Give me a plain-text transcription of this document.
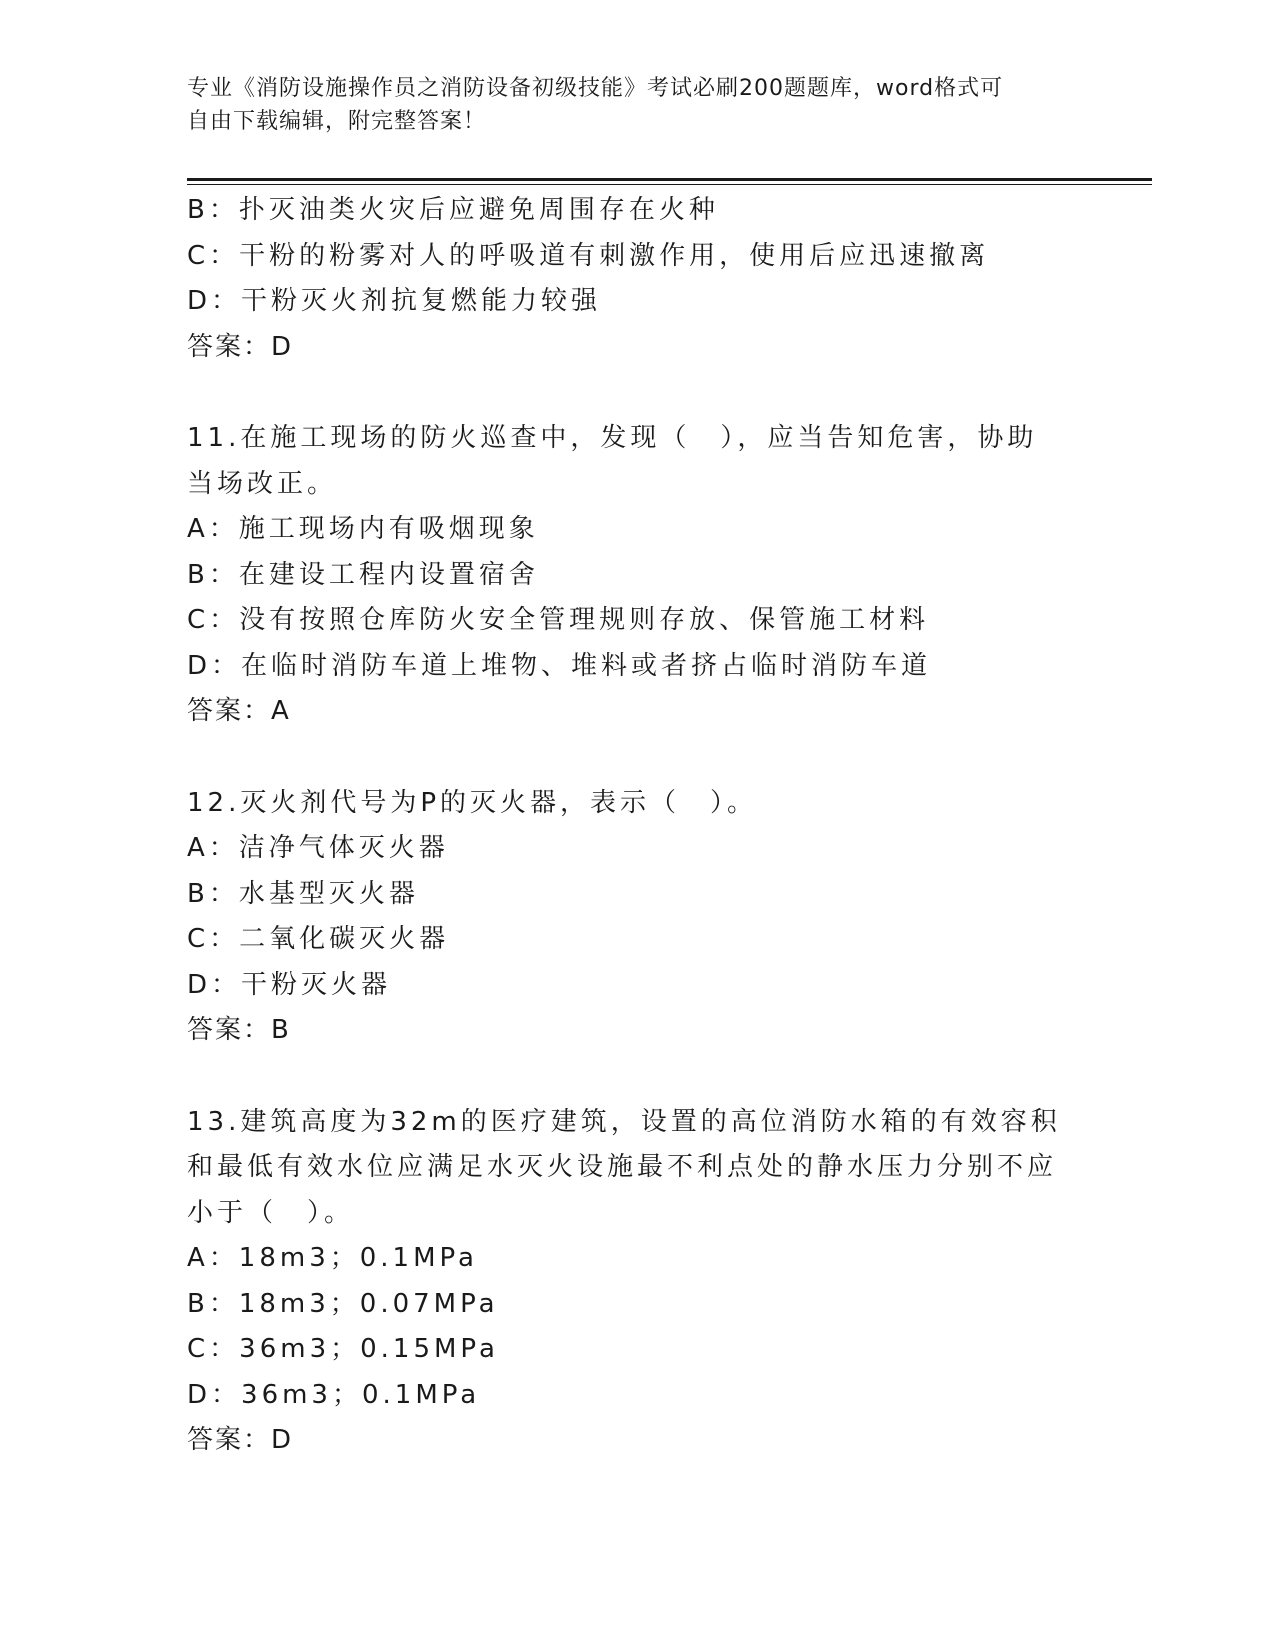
专业《消防设施操作员之消防设备初级技能》考试必刷200题题库，word格式可
自由下载编辑，附完整答案！
B：扑灭油类火灾后应避免周围存在火种
C：干粉的粉雾对人的呼吸道有刺激作用，使用后应迅速撤离
D：干粉灭火剂抗复燃能力较强
答案：D
11.在施工现场的防火巡查中，发现（　），应当告知危害，协助当场改正。
A：施工现场内有吸烟现象
B：在建设工程内设置宿舍
C：没有按照仓库防火安全管理规则存放、保管施工材料
D：在临时消防车道上堆物、堆料或者挤占临时消防车道
答案：A
12.灭火剂代号为P的灭火器，表示（　）。
A：洁净气体灭火器
B：水基型灭火器
C：二氧化碳灭火器
D：干粉灭火器
答案：B
13.建筑高度为32m的医疗建筑，设置的高位消防水箱的有效容积和最低有效水位应满足水灭火设施最不利点处的静水压力分别不应小于（　）。
A：18m3；0.1MPa
B：18m3；0.07MPa
C：36m3；0.15MPa
D：36m3；0.1MPa
答案：D
